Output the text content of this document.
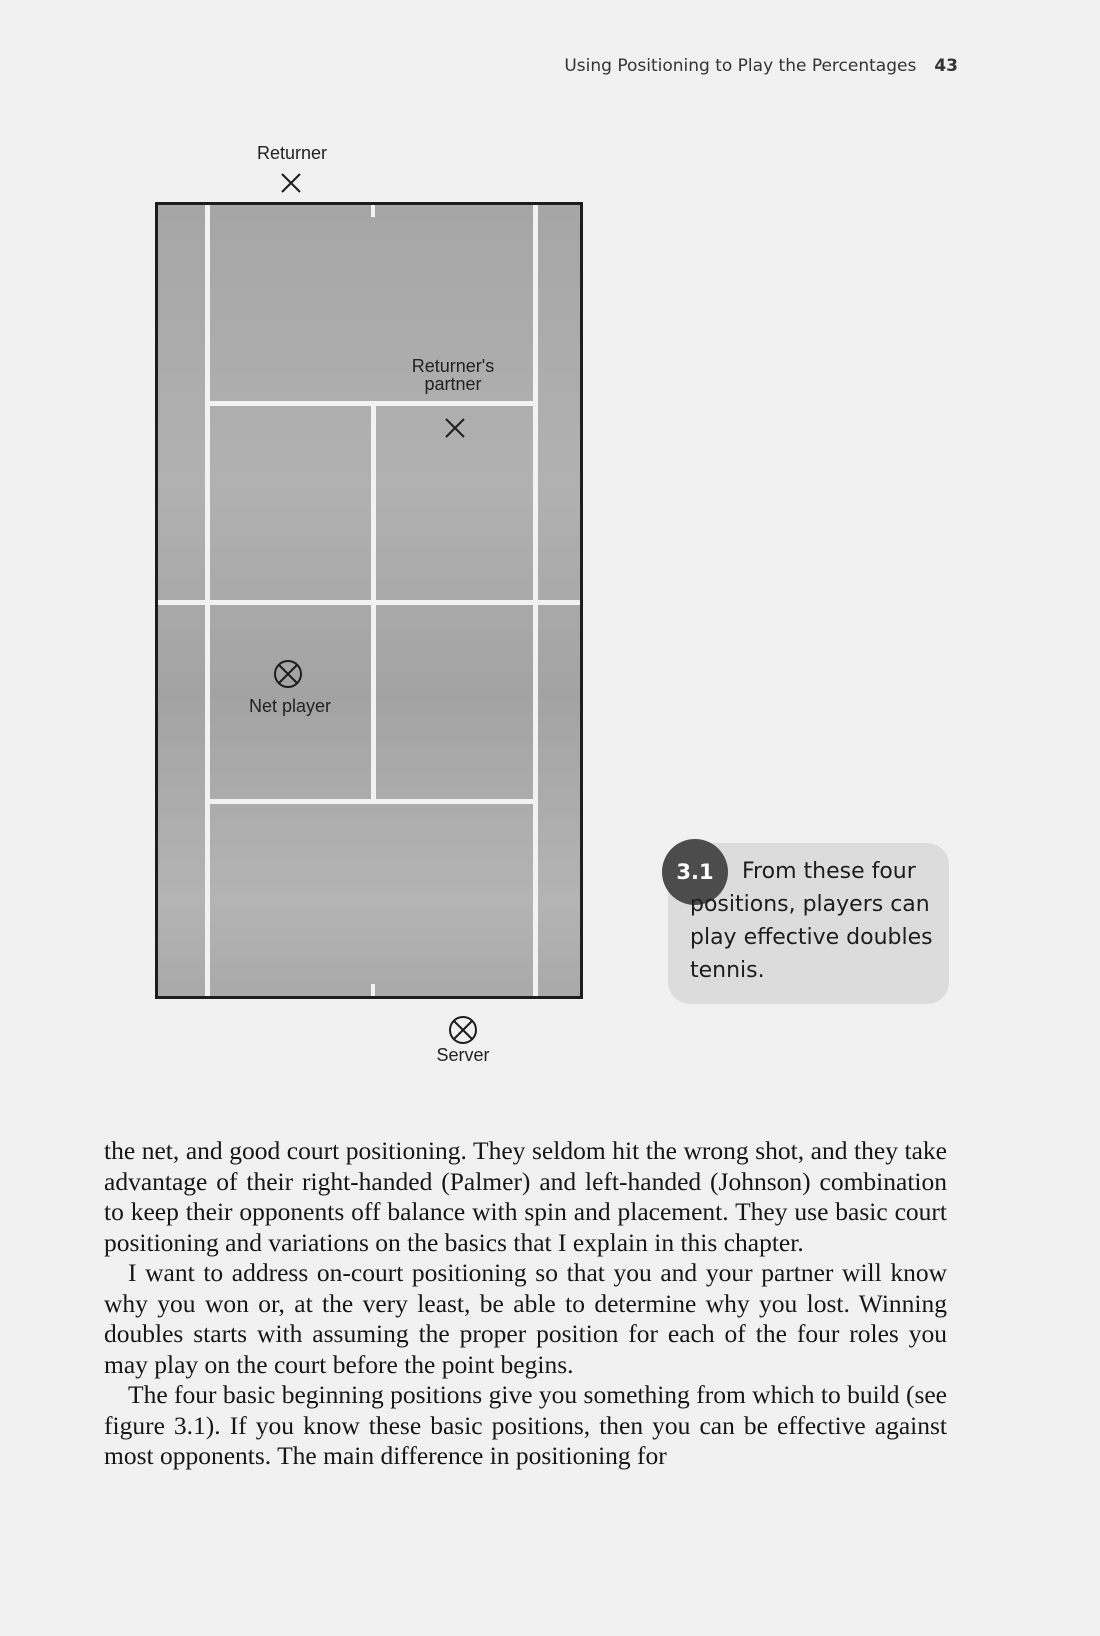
Using Positioning to Play the Percentages 43
Returner
Returner's partner
Net player
Server
3.1	From these four positions, players can play effective doubles tennis.

the net, and good court positioning. They seldom hit the wrong shot, and they take advantage of their right-handed (Palmer) and left-handed (Johnson) combination to keep their opponents off balance with spin and placement. They use basic court positioning and variations on the basics that I explain in this chapter.

I want to address on-court positioning so that you and your partner will know why you won or, at the very least, be able to determine why you lost. Winning doubles starts with assuming the proper position for each of the four roles you may play on the court before the point begins.

The four basic beginning positions give you something from which to build (see figure 3.1). If you know these basic positions, then you can be effective against most opponents. The main difference in positioning for
